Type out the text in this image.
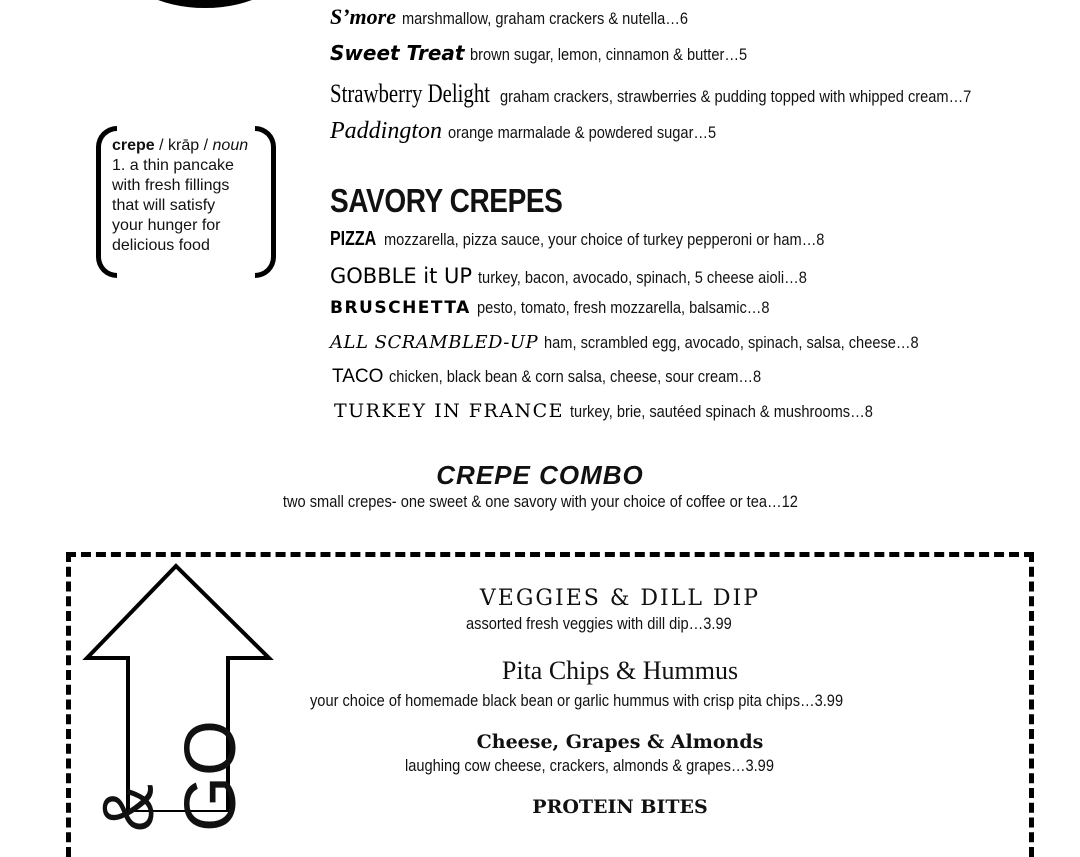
S’more marshmallow, graham crackers & nutella…6
Sweet Treat brown sugar, lemon, cinnamon & butter…5
Strawberry Delight graham crackers, strawberries & pudding topped with whipped cream…7
Paddington orange marmalade & powdered sugar…5
crepe / krāp / noun
1. a thin pancake
with fresh fillings
that will satisfy
your hunger for
delicious food
SAVORY CREPES
PIZZA mozzarella, pizza sauce, your choice of turkey pepperoni or ham…8
GOBBLE it UP turkey, bacon, avocado, spinach, 5 cheese aioli…8
BRUSCHETTA pesto, tomato, fresh mozzarella, balsamic…8
ALL SCRAMBLED-UP ham, scrambled egg, avocado, spinach, salsa, cheese…8
TACO chicken, black bean & corn salsa, cheese, sour cream…8
TURKEY IN FRANCE turkey, brie, sautéed spinach & mushrooms…8
CREPE COMBO
two small crepes- one sweet & one savory with your choice of coffee or tea…12
& GO
VEGGIES & DILL DIP
assorted fresh veggies with dill dip…3.99
Pita Chips & Hummus
your choice of homemade black bean or garlic hummus with crisp pita chips…3.99
Cheese, Grapes & Almonds
laughing cow cheese, crackers, almonds & grapes…3.99
PROTEIN BITES
